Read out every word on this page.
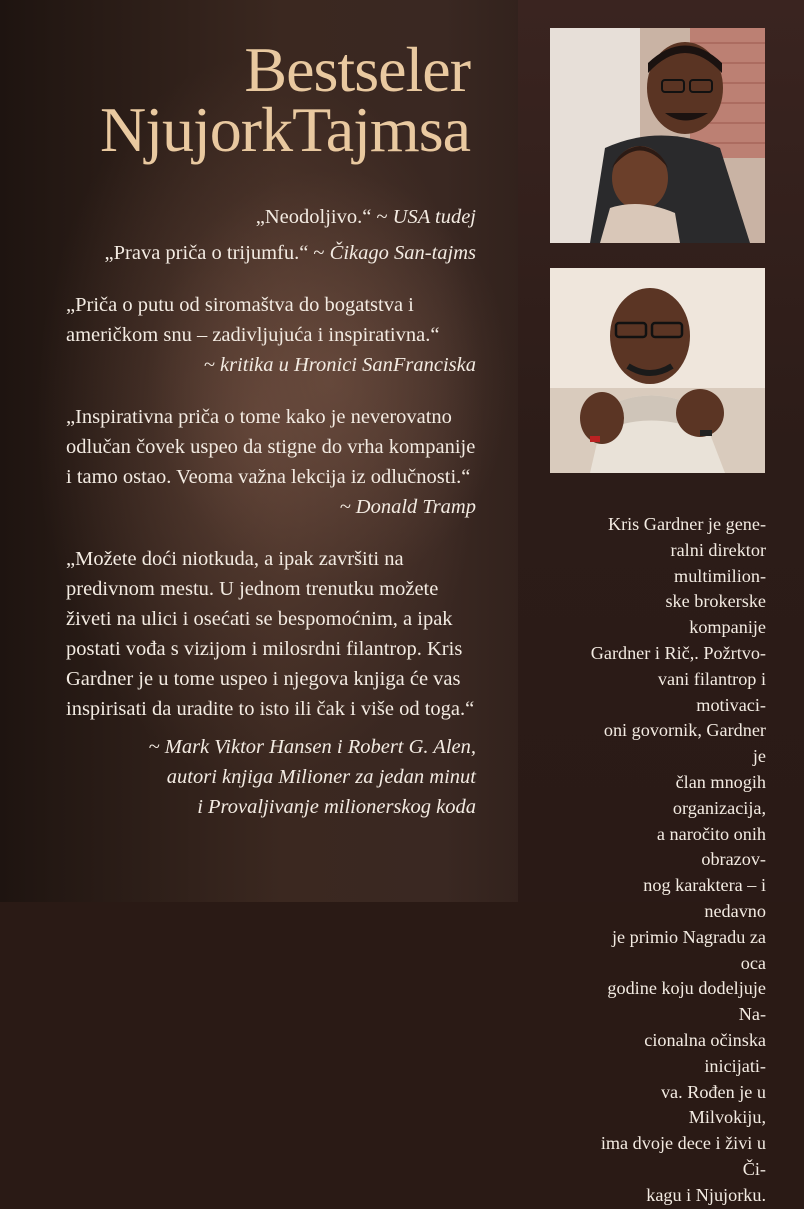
Bestseler
NjujorkTajmsa

„Neodoljivo.“ ~ USA tudej

„Prava priča o trijumfu.“ ~ Čikago San-tajms

„Priča o putu od siromaštva do bogatstva i
američkom snu – zadivljujuća i inspirativna.“

~ kritika u Hronici SanFranciska

„Inspirativna priča o tome kako je neverovatno
odlučan čovek uspeo da stigne do vrha kompanije
i tamo ostao. Veoma važna lekcija iz odlučnosti.“

~ Donald Tramp

„Možete doći niotkuda, a ipak završiti na
predivnom mestu. U jednom trenutku možete
živeti na ulici i osećati se bespomoćnim, a ipak
postati vođa s vizijom i milosrdni filantrop. Kris
Gardner je u tome uspeo i njegova knjiga će vas
inspirisati da uradite to isto ili čak i više od toga.“

~ Mark Viktor Hansen i Robert G. Alen,
autori knjiga Milioner za jedan minut
i Provaljivanje milionerskog koda

Kris Gardner je gene-
ralni direktor multimilion-
ske brokerske kompanije
Gardner i Rič,. Požrtvo-
vani filantrop i motivaci-
oni govornik, Gardner je
član mnogih organizacija,
a naročito onih obrazov-
nog karaktera – i nedavno
je primio Nagradu za oca
godine koju dodeljuje Na-
cionalna očinska inicijati-
va. Rođen je u Milvokiju,
ima dvoje dece i živi u Či-
kagu i Njujorku.
